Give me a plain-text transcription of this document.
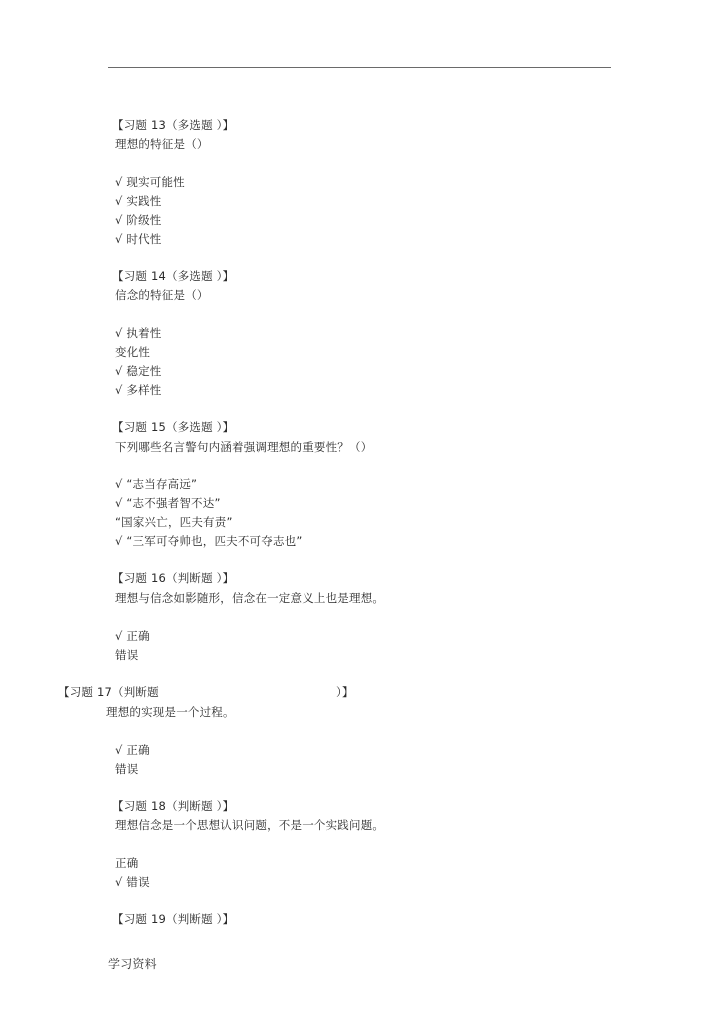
【习题 13（多选题 ）】
理想的特征是（）
√ 现实可能性
√ 实践性
√ 阶级性
√ 时代性
【习题 14（多选题 ）】
信念的特征是（）
√ 执着性
变化性
√ 稳定性
√ 多样性
【习题 15（多选题 ）】
下列哪些名言警句内涵着强调理想的重要性？（）
√ “志当存高远”
√ “志不强者智不达”
“国家兴亡，匹夫有责”
√ “三军可夺帅也，匹夫不可夺志也”
【习题 16（判断题 ）】
理想与信念如影随形，信念在一定意义上也是理想。
√ 正确
错误
【习题 17（判断题	）】
理想的实现是一个过程。
√ 正确
错误
【习题 18（判断题 ）】
理想信念是一个思想认识问题，不是一个实践问题。
正确
√ 错误
【习题 19（判断题 ）】
学习资料
